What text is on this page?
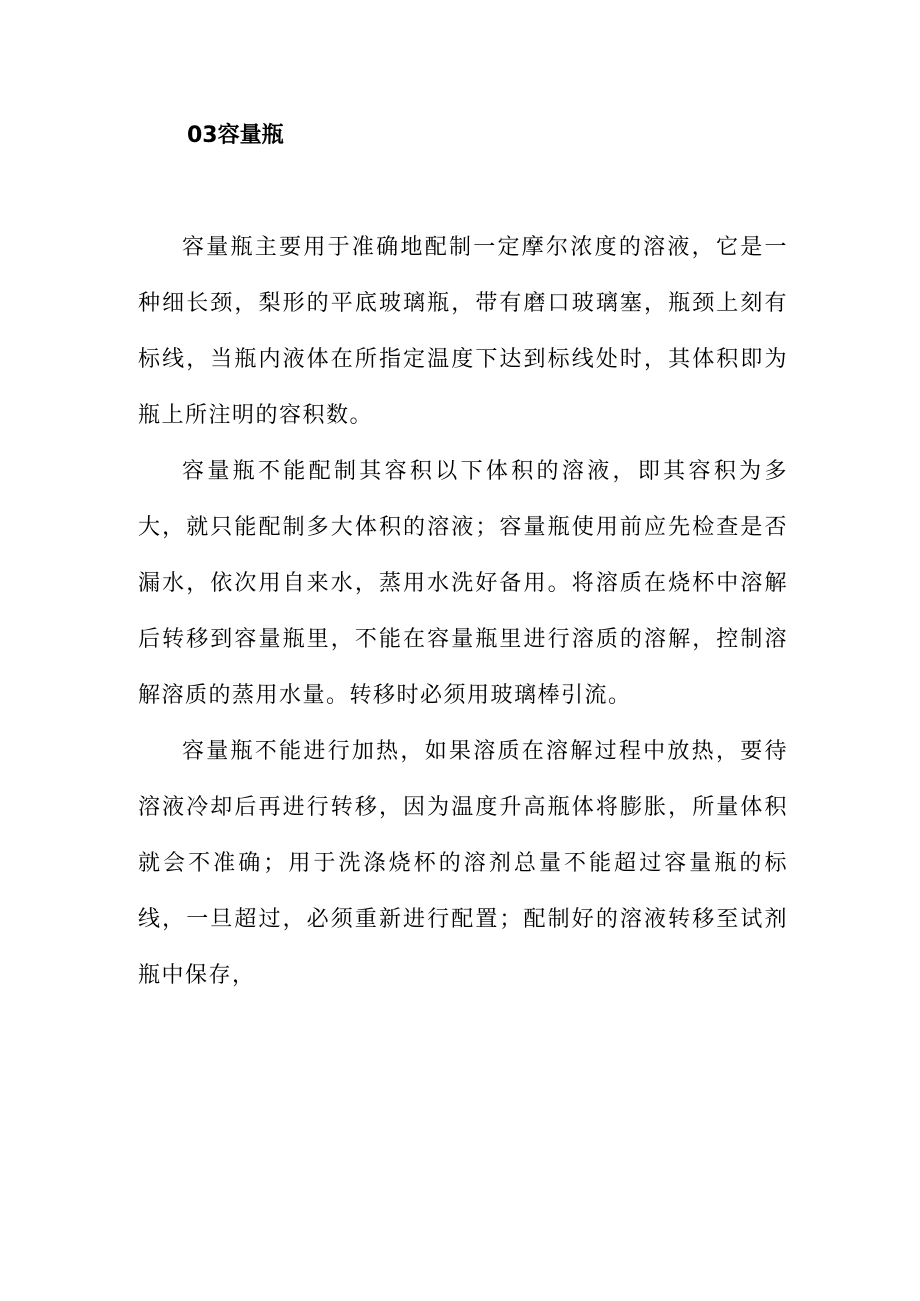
03容量瓶

容量瓶主要用于准确地配制一定摩尔浓度的溶液，它是一种细长颈，梨形的平底玻璃瓶，带有磨口玻璃塞，瓶颈上刻有标线，当瓶内液体在所指定温度下达到标线处时，其体积即为瓶上所注明的容积数。

容量瓶不能配制其容积以下体积的溶液，即其容积为多大，就只能配制多大体积的溶液；容量瓶使用前应先检查是否漏水，依次用自来水，蒸用水洗好备用。将溶质在烧杯中溶解后转移到容量瓶里，不能在容量瓶里进行溶质的溶解，控制溶解溶质的蒸用水量。转移时必须用玻璃棒引流。

容量瓶不能进行加热，如果溶质在溶解过程中放热，要待溶液冷却后再进行转移，因为温度升高瓶体将膨胀，所量体积就会不准确；用于洗涤烧杯的溶剂总量不能超过容量瓶的标线，一旦超过，必须重新进行配置；配制好的溶液转移至试剂瓶中保存，
